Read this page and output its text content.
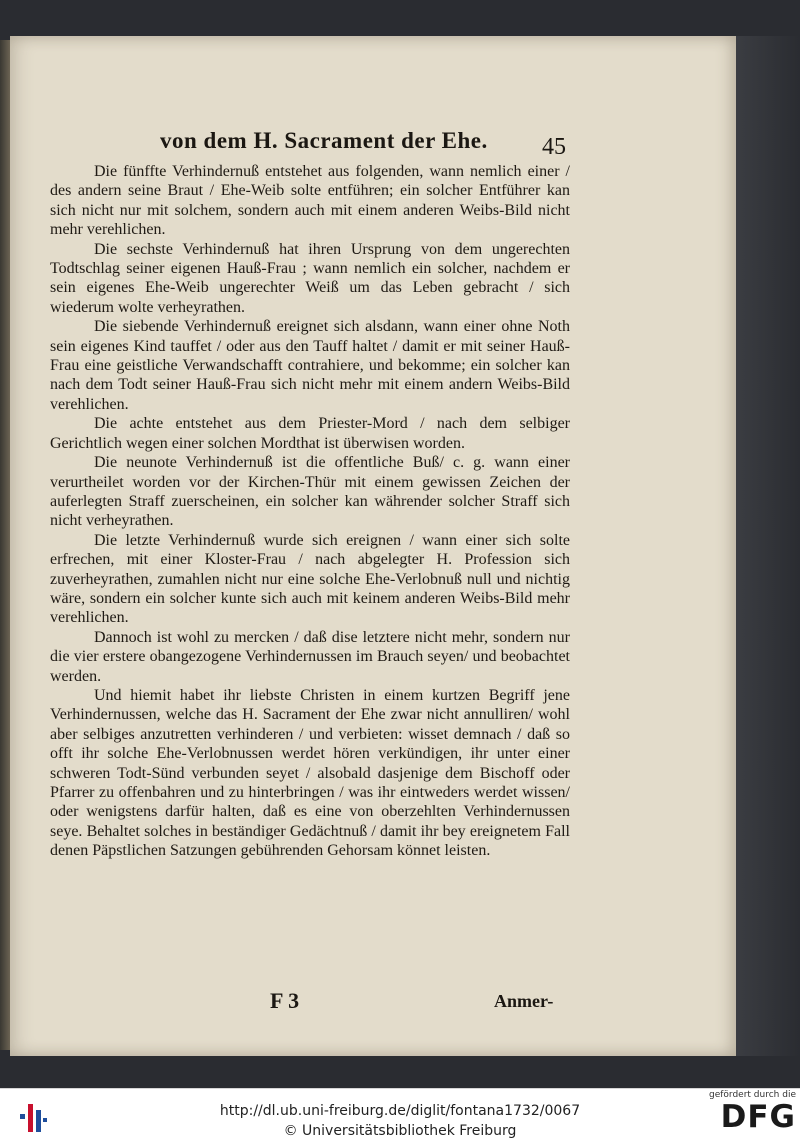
von dem H. Sacrament der Ehe. 45

Die fünffte Verhindernuß entstehet aus folgenden, wann nemlich einer / des andern seine Braut / Ehe-Weib solte entführen; ein solcher Entführer kan sich nicht nur mit solchem, sondern auch mit einem anderen Weibs-Bild nicht mehr verehlichen.

Die sechste Verhindernuß hat ihren Ursprung von dem ungerechten Todtschlag seiner eigenen Hauß-Frau ; wann nemlich ein solcher, nachdem er sein eigenes Ehe-Weib ungerechter Weiß um das Leben gebracht / sich wiederum wolte verheyrathen.

Die siebende Verhindernuß ereignet sich alsdann, wann einer ohne Noth sein eigenes Kind tauffet / oder aus den Tauff haltet / damit er mit seiner Hauß-Frau eine geistliche Verwandschafft contrahiere, und bekomme; ein solcher kan nach dem Todt seiner Hauß-Frau sich nicht mehr mit einem andern Weibs-Bild verehlichen.

Die achte entstehet aus dem Priester-Mord / nach dem selbiger Gerichtlich wegen einer solchen Mordthat ist überwisen worden.

Die neunote Verhindernuß ist die offentliche Buß/ c. g. wann einer verurtheilet worden vor der Kirchen-Thür mit einem gewissen Zeichen der auferlegten Straff zuerscheinen, ein solcher kan währender solcher Straff sich nicht verheyrathen.

Die letzte Verhindernuß wurde sich ereignen / wann einer sich solte erfrechen, mit einer Kloster-Frau / nach abgelegter H. Profession sich zuverheyrathen, zumahlen nicht nur eine solche Ehe-Verlobnuß null und nichtig wäre, sondern ein solcher kunte sich auch mit keinem anderen Weibs-Bild mehr verehlichen.

Dannoch ist wohl zu mercken / daß dise letztere nicht mehr, sondern nur die vier erstere obangezogene Verhindernussen im Brauch seyen/ und beobachtet werden.

Und hiemit habet ihr liebste Christen in einem kurtzen Begriff jene Verhindernussen, welche das H. Sacrament der Ehe zwar nicht annulliren/ wohl aber selbiges anzutretten verhinderen / und verbieten: wisset demnach / daß so offt ihr solche Ehe-Verlobnussen werdet hören verkündigen, ihr unter einer schweren Todt-Sünd verbunden seyet / alsobald dasjenige dem Bischoff oder Pfarrer zu offenbahren und zu hinterbringen / was ihr eintweders werdet wissen/ oder wenigstens darfür halten, daß es eine von oberzehlten Verhindernussen seye. Behaltet solches in beständiger Gedächtnuß / damit ihr bey ereignetem Fall denen Päpstlichen Satzungen gebührenden Gehorsam könnet leisten.

F 3	Anmer-
http://dl.ub.uni-freiburg.de/diglit/fontana1732/0067
© Universitätsbibliothek Freiburg
gefördert durch die
DFG
